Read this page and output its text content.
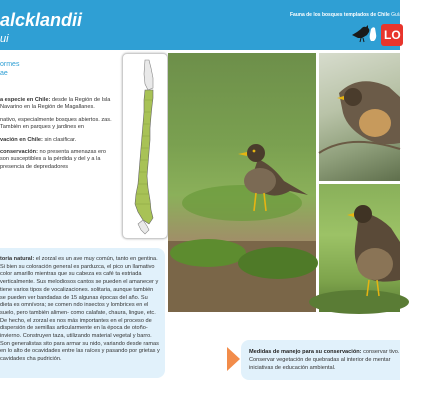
alcklandii
ui
Fauna de los bosques templados de Chile Guía de Campo
LO
ormes
ae

a especie en Chile: desde la Región de Isla Navarino en la Región de Magallanes.

nativo, especialmente bosques abiertos. zas. También en parques y jardines en

vación en Chile: sin clasificar.

conservación: no presenta amenazas ero son susceptibles a la pérdida y del y a la presencia de depredadores

toria natural: el zorzal es un ave muy común, tanto en gentina. Si bien su coloración general es parduzca, el pico un llamativo color amarillo mientras que su cabeza es café ta estriada verticalmente. Sus melodiosos cantos se pueden el amanecer y tiene varios tipos de vocalizaciones. solitaria, aunque también se pueden ver bandadas de 15 algunas épocas del año. Su dieta es omnívora; se comen ndo insectos y lombrices en el suelo, pero también alimen- como calafate, chaura, lingue, etc. De hecho, el zorzal es nos más importantes en el proceso de dispersión de semillas articularmente en la época de otoño-invierno. Construyen taza, utilizando material vegetal y barro. Son generalistas sito para armar su nido, variando desde ramas en lo alto de ocavidades entre las raíces y pasando por grietas y cavidades cha pudrición.
Medidas de manejo para su conservación: conservar tivo. Conservar vegetación de quebradas al interior de mentar iniciativas de educación ambiental.
